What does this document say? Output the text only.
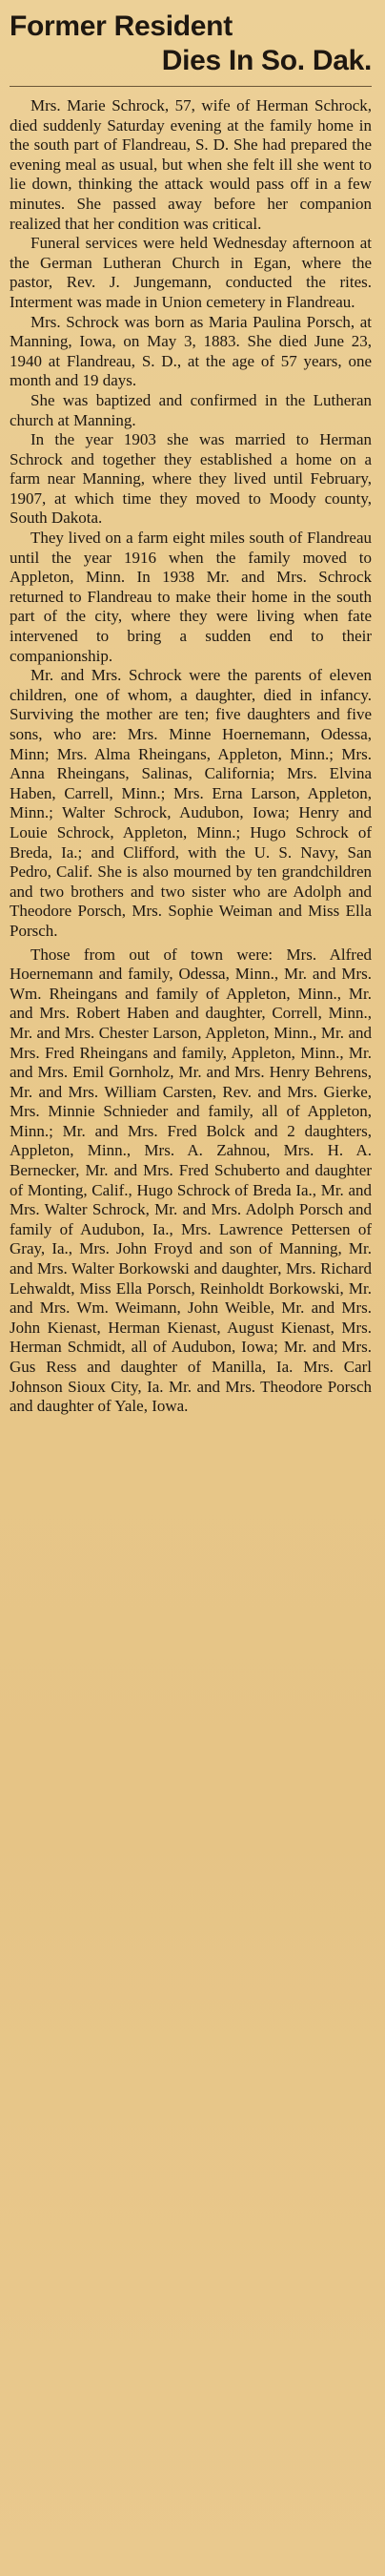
Former Resident
Dies In So. Dak.

Mrs. Marie Schrock, 57, wife of Herman Schrock, died suddenly Saturday evening at the family home in the south part of Flandreau, S. D. She had prepared the evening meal as usual, but when she felt ill she went to lie down, thinking the attack would pass off in a few minutes. She passed away before her companion realized that her condition was critical.

Funeral services were held Wednesday afternoon at the German Lutheran Church in Egan, where the pastor, Rev. J. Jungemann, conducted the rites. Interment was made in Union cemetery in Flandreau.

Mrs. Schrock was born as Maria Paulina Porsch, at Manning, Iowa, on May 3, 1883. She died June 23, 1940 at Flandreau, S. D., at the age of 57 years, one month and 19 days.

She was baptized and confirmed in the Lutheran church at Manning.

In the year 1903 she was married to Herman Schrock and together they established a home on a farm near Manning, where they lived until February, 1907, at which time they moved to Moody county, South Dakota.

They lived on a farm eight miles south of Flandreau until the year 1916 when the family moved to Appleton, Minn. In 1938 Mr. and Mrs. Schrock returned to Flandreau to make their home in the south part of the city, where they were living when fate intervened to bring a sudden end to their companionship.

Mr. and Mrs. Schrock were the parents of eleven children, one of whom, a daughter, died in infancy. Surviving the mother are ten; five daughters and five sons, who are: Mrs. Minne Hoernemann, Odessa, Minn; Mrs. Alma Rheingans, Appleton, Minn.; Mrs. Anna Rheingans, Salinas, California; Mrs. Elvina Haben, Carrell, Minn.; Mrs. Erna Larson, Appleton, Minn.; Walter Schrock, Audubon, Iowa; Henry and Louie Schrock, Appleton, Minn.; Hugo Schrock of Breda, Ia.; and Clifford, with the U. S. Navy, San Pedro, Calif. She is also mourned by ten grandchildren and two brothers and two sister who are Adolph and Theodore Porsch, Mrs. Sophie Weiman and Miss Ella Porsch.

Those from out of town were: Mrs. Alfred Hoernemann and family, Odessa, Minn., Mr. and Mrs. Wm. Rheingans and family of Appleton, Minn., Mr. and Mrs. Robert Haben and daughter, Correll, Minn., Mr. and Mrs. Chester Larson, Appleton, Minn., Mr. and Mrs. Fred Rheingans and family, Appleton, Minn., Mr. and Mrs. Emil Gornholz, Mr. and Mrs. Henry Behrens, Mr. and Mrs. William Carsten, Rev. and Mrs. Gierke, Mrs. Minnie Schnieder and family, all of Appleton, Minn.; Mr. and Mrs. Fred Bolck and 2 daughters, Appleton, Minn., Mrs. A. Zahnou, Mrs. H. A. Bernecker, Mr. and Mrs. Fred Schuberto and daughter of Monting, Calif., Hugo Schrock of Breda Ia., Mr. and Mrs. Walter Schrock, Mr. and Mrs. Adolph Porsch and family of Audubon, Ia., Mrs. Lawrence Pettersen of Gray, Ia., Mrs. John Froyd and son of Manning, Mr. and Mrs. Walter Borkowski and daughter, Mrs. Richard Lehwaldt, Miss Ella Porsch, Reinholdt Borkowski, Mr. and Mrs. Wm. Weimann, John Weible, Mr. and Mrs. John Kienast, Herman Kienast, August Kienast, Mrs. Herman Schmidt, all of Audubon, Iowa; Mr. and Mrs. Gus Ress and daughter of Manilla, Ia. Mrs. Carl Johnson Sioux City, Ia. Mr. and Mrs. Theodore Porsch and daughter of Yale, Iowa.
